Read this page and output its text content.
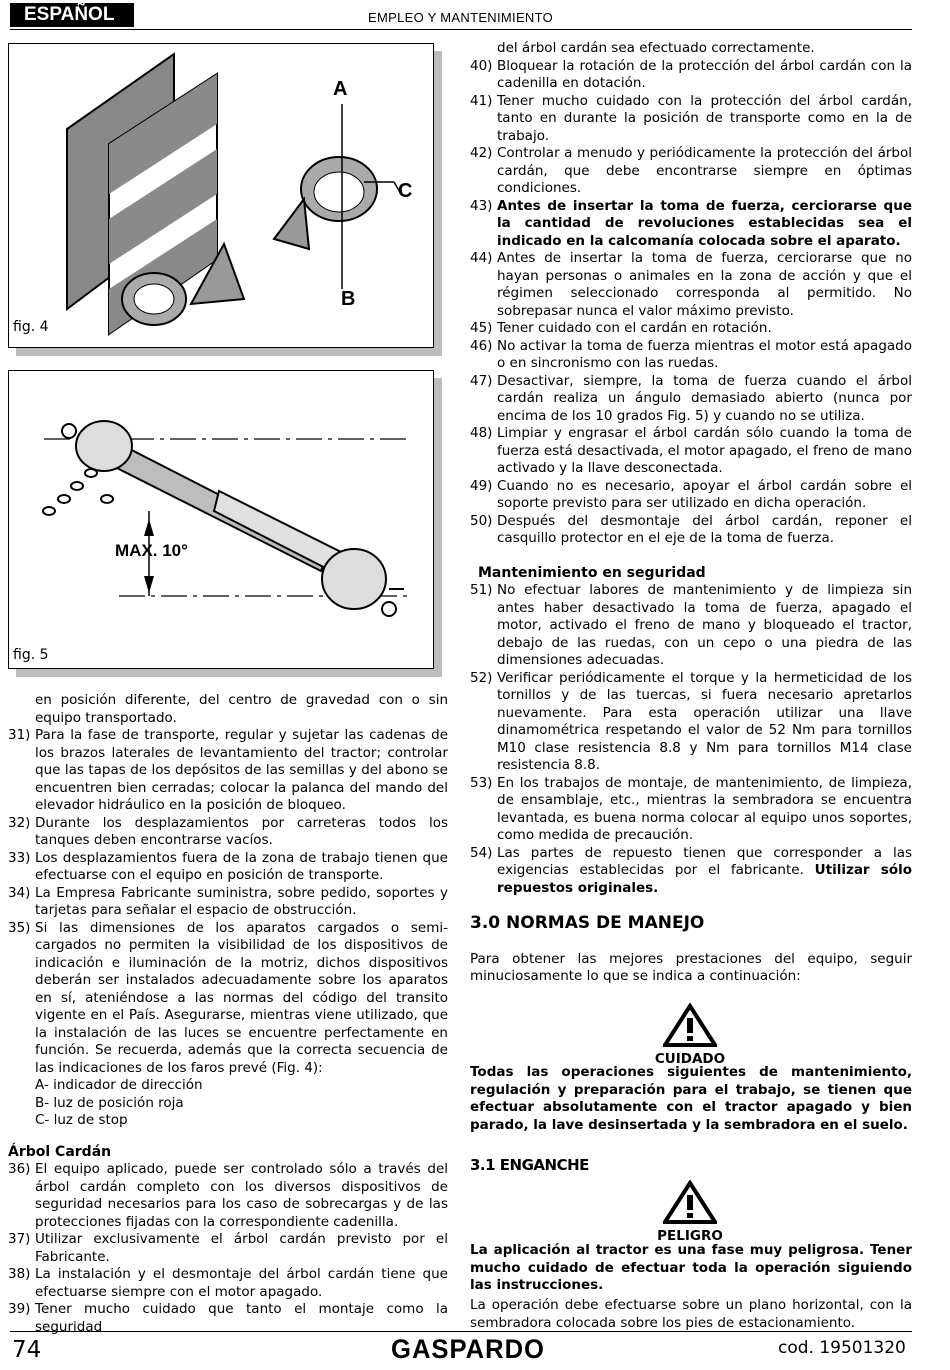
ESPAÑOL	EMPLEO Y MANTENIMIENTO
A
B
C
fig. 4
MAX. 10°
fig. 5
en posición diferente, del centro de gravedad con o sin equipo transportado.
31) Para la fase de transporte, regular y sujetar las cadenas de los brazos laterales de levantamiento del tractor; controlar que las tapas de los depósitos de las semillas y del abono se encuentren bien cerradas; colocar la palanca del mando del elevador hidráulico en la posición de bloqueo.
32) Durante los desplazamientos por carreteras todos los tanques deben encontrarse vacíos.
33) Los desplazamientos fuera de la zona de trabajo tienen que efectuarse con el equipo en posición de transporte.
34) La Empresa Fabricante suministra, sobre pedido, soportes y tarjetas para señalar el espacio de obstrucción.
35) Si las dimensiones de los aparatos cargados o semi- cargados no permiten la visibilidad de los dispositivos de indicación e iluminación de la motriz, dichos dispositivos deberán ser instalados adecuadamente sobre los aparatos en sí, ateniéndose a las normas del código del transito vigente en el País. Asegurarse, mientras viene utilizado, que la instalación de las luces se encuentre perfectamente en función. Se recuerda, además que la correcta secuencia de las indicaciones de los faros prevé (Fig. 4):
A- indicador de dirección
B- luz de posición roja
C- luz de stop
Árbol Cardán
36) El equipo aplicado, puede ser controlado sólo a través del árbol cardán completo con los diversos dispositivos de seguridad necesarios para los caso de sobrecargas y de las protecciones fijadas con la correspondiente cadenilla.
37) Utilizar exclusivamente el árbol cardán previsto por el Fabricante.
38) La instalación y el desmontaje del árbol cardán tiene que efectuarse siempre con el motor apagado.
39) Tener mucho cuidado que tanto el montaje como la seguridad
del árbol cardán sea efectuado correctamente.
40) Bloquear la rotación de la protección del árbol cardán con la cadenilla en dotación.
41) Tener mucho cuidado con la protección del árbol cardán, tanto en durante la posición de transporte como en la de trabajo.
42) Controlar a menudo y periódicamente la protección del árbol cardán, que debe encontrarse siempre en óptimas condiciones.
43) Antes de insertar la toma de fuerza, cerciorarse que la cantidad de revoluciones establecidas sea el indicado en la calcomanía colocada sobre el aparato.
44) Antes de insertar la toma de fuerza, cerciorarse que no hayan personas o animales en la zona de acción y que el régimen seleccionado corresponda al permitido. No sobrepasar nunca el valor máximo previsto.
45) Tener cuidado con el cardán en rotación.
46) No activar la toma de fuerza mientras el motor está apagado o en sincronismo con las ruedas.
47) Desactivar, siempre, la toma de fuerza cuando el árbol cardán realiza un ángulo demasiado abierto (nunca por encima de los 10 grados Fig. 5) y cuando no se utiliza.
48) Limpiar y engrasar el árbol cardán sólo cuando la toma de fuerza está desactivada, el motor apagado, el freno de mano activado y la llave desconectada.
49) Cuando no es necesario, apoyar el árbol cardán sobre el soporte previsto para ser utilizado en dicha operación.
50) Después del desmontaje del árbol cardán, reponer el casquillo protector en el eje de la toma de fuerza.
Mantenimiento en seguridad
51) No efectuar labores de mantenimiento y de limpieza sin antes haber desactivado la toma de fuerza, apagado el motor, activado el freno de mano y bloqueado el tractor, debajo de las ruedas, con un cepo o una piedra de las dimensiones adecuadas.
52) Verificar periódicamente el torque y la hermeticidad de los tornillos y de las tuercas, si fuera necesario apretarlos nuevamente. Para esta operación utilizar una llave dinamométrica respetando el valor de 52 Nm para tornillos M10 clase resistencia 8.8 y Nm para tornillos M14 clase resistencia 8.8.
53) En los trabajos de montaje, de mantenimiento, de limpieza, de ensamblaje, etc., mientras la sembradora se encuentra levantada, es buena norma colocar al equipo unos soportes, como medida de precaución.
54) Las partes de repuesto tienen que corresponder a las exigencias establecidas por el fabricante. Utilizar sólo repuestos originales.
3.0 NORMAS DE MANEJO

Para obtener las mejores prestaciones del equipo, seguir minuciosamente lo que se indica a continuación:

CUIDADO

Todas las operaciones siguientes de mantenimiento, regulación y preparación para el trabajo, se tienen que efectuar absolutamente con el tractor apagado y bien parado, la lave desinsertada y la sembradora en el suelo.

3.1 ENGANCHE
PELIGRO

La aplicación al tractor es una fase muy peligrosa. Tener mucho cuidado de efectuar toda la operación siguiendo las instrucciones.

La operación debe efectuarse sobre un plano horizontal, con la sembradora colocada sobre los pies de estacionamiento.

74	GASPARDO	cod. 19501320
